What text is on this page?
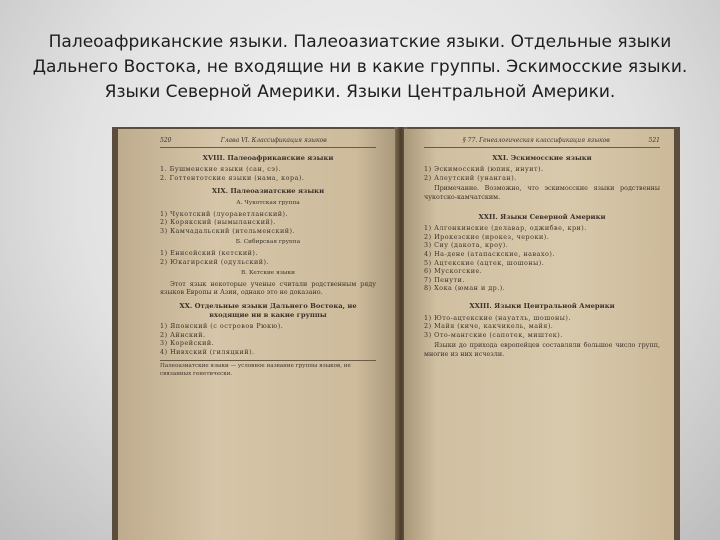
Палеоафриканские языки. Палеоазиатские языки. Отдельные языки
Дальнего Востока, не входящие ни в какие группы. Эскимосские языки.
Языки Северной Америки. Языки Центральной Америки.
520	Глава VI. Классификация языков
XVIII. Палеоафриканские языки
1. Бушменские языки (сан, сэ).
2. Готтентотские языки (нама, кора).
XIX. Палеоазиатские языки
А. Чукотская группа
1) Чукотский (луораветланский).
2) Корякский (нымыланский).
3) Камчадальский (ительменский).
Б. Сибирская группа
1) Енисейский (кетский).
2) Юкагирский (одульский).
В. Кетские языки
Этот язык некоторые ученые считали родственным ряду языков Европы и Азии, однако это не доказано.
XX. Отдельные языки Дальнего Востока, не входящие ни в какие группы
1) Японский (с островов Рюкю).
2) Айнский.
3) Корейский.
4) Нивхский (гиляцкий).
Палеоазиатские языки — условное название группы языков, не связанных генетически.
§ 77. Генеалогическая классификация языков	521
XXI. Эскимосские языки
1) Эскимосский (юпик, инуит).
2) Алеутский (унанган).
Примечание. Возможно, что эскимосские языки родственны чукотско-камчатским.
XXII. Языки Северной Америки
1) Алгонкинские (делавар, оджибве, кри).
2) Ирокезские (ирокез, чероки).
3) Сиу (дакота, кроу).
4) На-дене (атапаскские, навахо).
5) Ацтекские (ацтек, шошоны).
6) Мускогские.
7) Пенути.
8) Хока (юман и др.).
XXIII. Языки Центральной Америки
1) Юто-ацтекские (науатль, шошоны).
2) Майя (киче, какчикель, майя).
3) Ото-мангские (сапотек, миштек).
Языки до прихода европейцев составляли большое число групп, многие из них исчезли.
